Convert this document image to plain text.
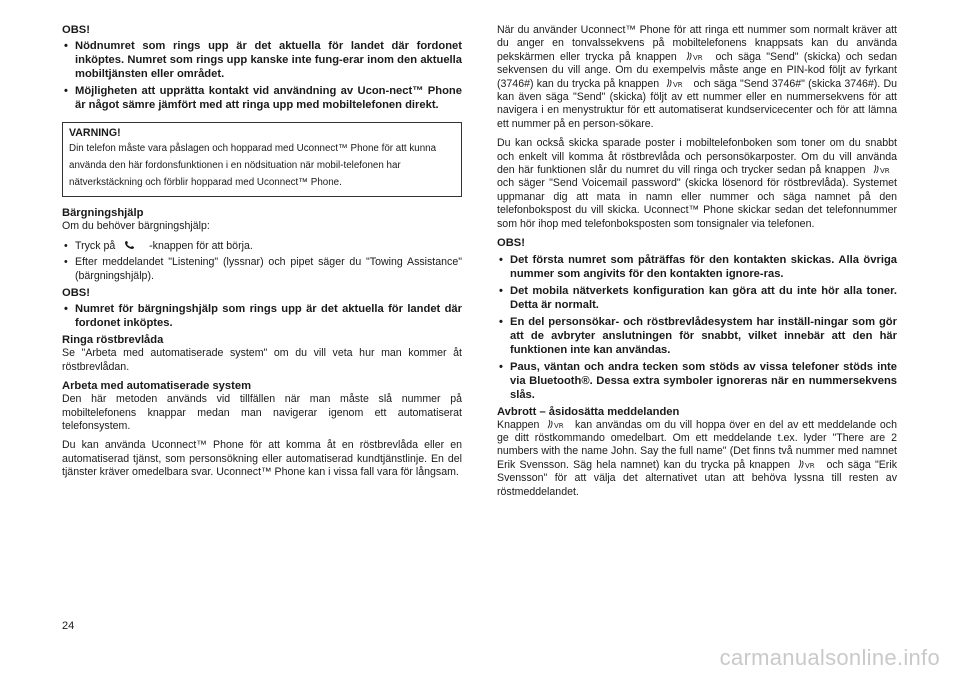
OBS!
• Nödnumret som rings upp är det aktuella för landet där fordonet inköptes. Numret som rings upp kanske inte fung-erar inom den aktuella mobiltjänsten eller området.
• Möjligheten att upprätta kontakt vid användning av Ucon-nect™ Phone är något sämre jämfört med att ringa upp med mobiltelefonen direkt.
VARNING!
Din telefon måste vara påslagen och hopparad med Uconnect™ Phone för att kunna använda den här fordonsfunktionen i en nödsituation när mobil-telefonen har nätverkstäckning och förblir hopparad med Uconnect™ Phone.
Bärgningshjälp

Om du behöver bärgningshjälp:

• Tryck på	-knappen för att börja.
• Efter meddelandet "Listening" (lyssnar) och pipet säger du "Towing Assistance" (bärgningshjälp).
OBS!
• Numret för bärgningshjälp som rings upp är det aktuella för landet där fordonet inköptes.
Ringa röstbrevlåda

Se "Arbeta med automatiserade system" om du vill veta hur man kommer åt röstbrevlådan.

Arbeta med automatiserade system

Den här metoden används vid tillfällen när man måste slå nummer på mobiltelefonens knappar medan man navigerar igenom ett automatiserat telefonsystem.

Du kan använda Uconnect™ Phone för att komma åt en röstbrevlåda eller en automatiserad tjänst, som personsökning eller automatiserad kundtjänstlinje. En del tjänster kräver omedelbara svar. Uconnect™ Phone kan i vissa fall vara för långsam.

När du använder Uconnect™ Phone för att ringa ett nummer som normalt kräver att du anger en tonvalssekvens på mobiltelefonens knappsats kan du använda pekskärmen eller trycka på knappen VR och säga "Send" (skicka) och sedan sekvensen du vill ange. Om du exempelvis måste ange en PIN-kod följt av fyrkant (3746#) kan du trycka på knappen VR och säga "Send 3746#" (skicka 3746#). Du kan även säga "Send" (skicka) följt av ett nummer eller en nummersekvens för att navigera i en menystruktur för ett automatiserat kundservicecenter och för att lämna ett nummer på en person-sökare.

Du kan också skicka sparade poster i mobiltelefonboken som toner om du snabbt och enkelt vill komma åt röstbrevlåda och personsökarposter. Om du vill använda den här funktionen slår du numret du vill ringa och trycker sedan på knappen VR
och säger "Send Voicemail password" (skicka lösenord för röstbrevlåda). Systemet uppmanar dig att mata in namn eller nummer och säga namnet på den telefonbokspost du vill skicka. Uconnect™ Phone skickar sedan det telefonnummer som hör ihop med telefonboksposten som tonsignaler via telefonen.

OBS!
• Det första numret som påträffas för den kontakten skickas. Alla övriga nummer som angivits för den kontakten ignore-ras.
• Det mobila nätverkets konfiguration kan göra att du inte hör alla toner. Detta är normalt.
• En del personsökar- och röstbrevlådesystem har inställ-ningar som gör att de avbryter anslutningen för snabbt, vilket innebär att den här funktionen inte kan användas.
• Paus, väntan och andra tecken som stöds av vissa telefoner stöds inte via Bluetooth®. Dessa extra symboler ignoreras när en nummersekvens slås.
Avbrott – åsidosätta meddelanden

Knappen VR kan användas om du vill hoppa över en del av ett meddelande och ge ditt röstkommando omedelbart. Om ett meddelande t.ex. lyder "There are 2 numbers with the name John. Say the full name" (Det finns två nummer med namnet Erik Svensson. Säg hela namnet) kan du trycka på knappen VR och säga "Erik Svensson" för att välja det alternativet utan att behöva lyssna till resten av röstmeddelandet.

24
carmanualsonline.info
